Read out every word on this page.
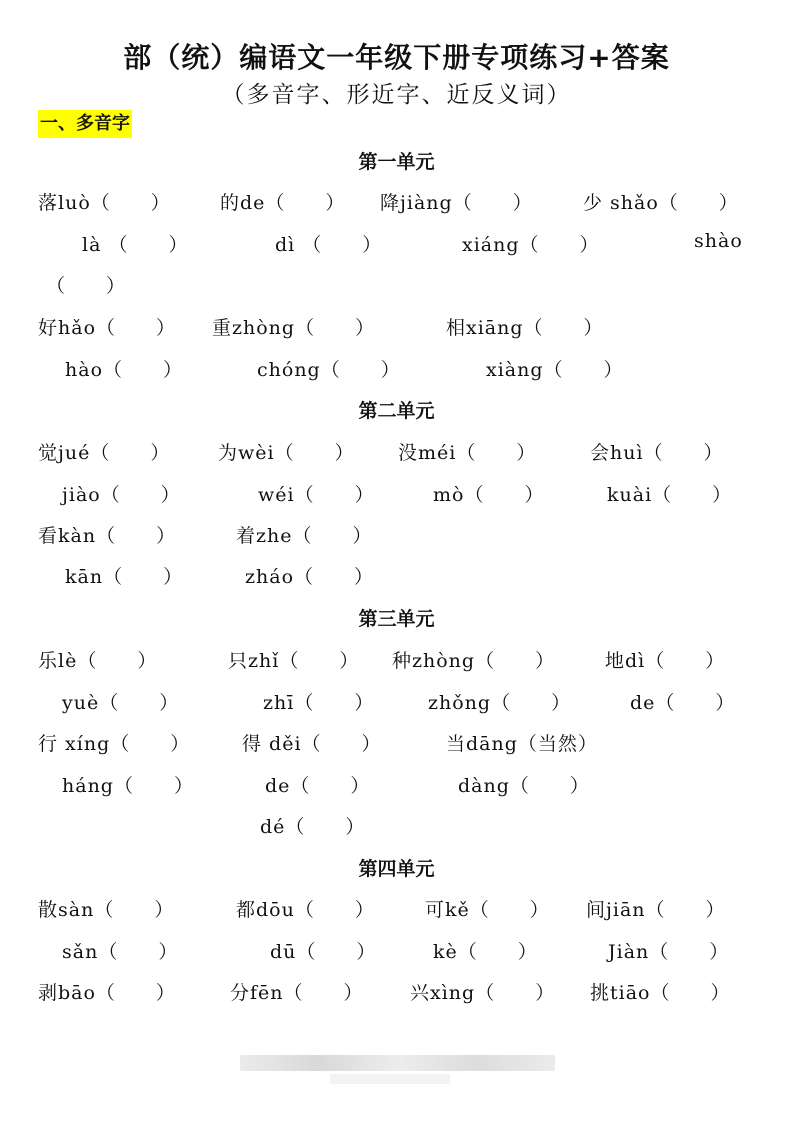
部（统）编语文一年级下册专项练习+答案
（多音字、形近字、近反义词）
一、多音字
第一单元
落luò（　　）	的de（　　） 降jiàng（　　）	少 shǎo（　　）
là （　　）	dì （　　）	xiáng（　　）	shào
（　　）
好hǎo（　　） 重zhòng（　　）	相xiāng（　　）
hào（　　）	chóng（　　）	xiàng（　　）
第二单元
觉jué（　　）	为wèi（　　） 没méi（　　）	会huì（　　）
jiào（　　）	wéi（　　）	mò（　　）	kuài（　　）
看kàn（　　）	着zhe（　　）
kān（　　）	zháo（　　）
第三单元
乐lè（　　）	只zhǐ（　　） 种zhòng（　　）	地dì（　　）
yuè（　　）	zhī（　　）	zhǒng（　　）	de（　　）
行 xíng（　　）	得 děi（　　）	当dāng（当然）
háng（　　）	de（　　）	dàng（　　）
dé（　　）
第四单元
散sàn（　　）	都dōu（　　）	可kě（　　） 间jiān（　　）
sǎn（　　）	dū（　　）	kè（　　）	Jiàn（　　）
剥bāo（　　）	分fēn（　　） 兴xìng（　　） 挑tiāo（　　）
